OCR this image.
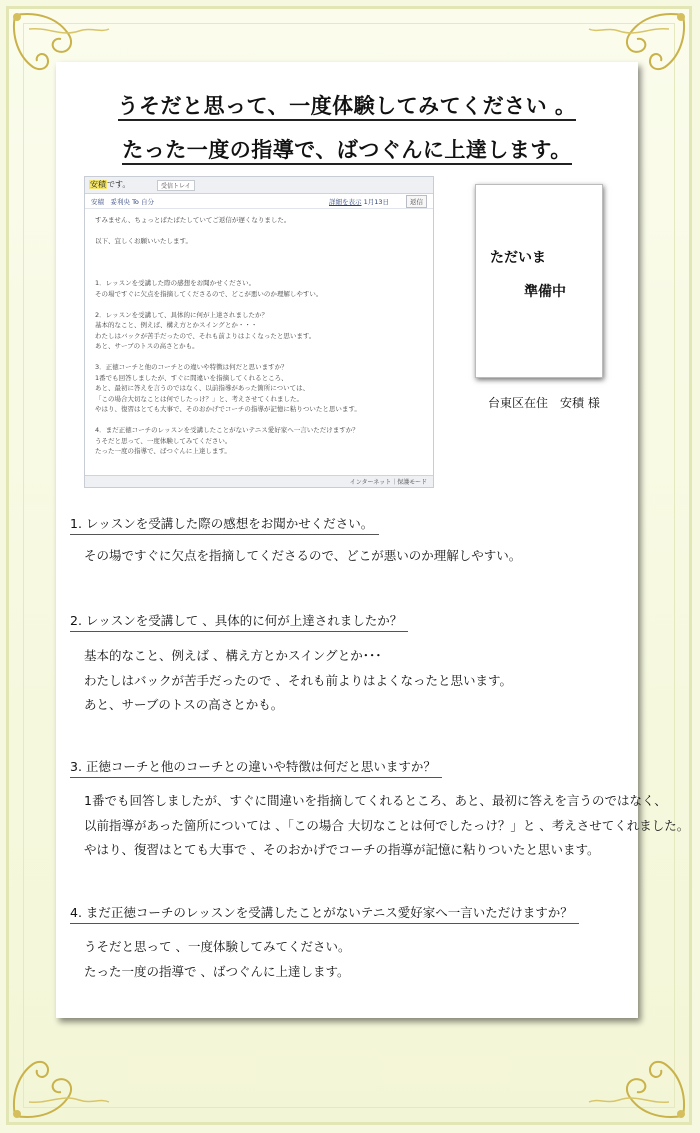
うそだと思って、一度体験してみてください 。
たった一度の指導で、ばつぐんに上達します。
安積です。	受信トレイ
安積　妥利央 To 自分	詳細を表示 1月13日	返信
すみません、ちょっとばたばたしていてご返信が遅くなりました。
以下、宜しくお願いいたします。
1．レッスンを受講した際の感想をお聞かせください。
その場ですぐに欠点を指摘してくださるので、どこが悪いのか理解しやすい。
2．レッスンを受講して、具体的に何が上達されましたか？
基本的なこと、例えば、構え方とかスイングとか・・・
わたしはバックが苦手だったので、それも前よりはよくなったと思います。
あと、サーブのトスの高さとかも。
3．正徳コーチと他のコーチとの違いや特徴は何だと思いますか？
1番でも回答しましたが、すぐに間違いを指摘してくれるところ、
あと、最初に答えを言うのではなく、以前指導があった箇所については、
「この場合大切なことは何でしたっけ？」と、考えさせてくれました。
やはり、復習はとても大事で、そのおかげでコーチの指導が記憶に粘りついたと思います。
4．まだ正徳コーチのレッスンを受講したことがないテニス愛好家へ一言いただけますか？
うそだと思って、一度体験してみてください。
たった一度の指導で、ばつぐんに上達します。
インターネット｜保護モード
ただいま
準備中
台東区在住　安積 様
1. レッスンを受講した際の感想をお聞かせください。
その場ですぐに欠点を指摘してくださるので、どこが悪いのか理解しやすい。
2. レッスンを受講して 、具体的に何が上達されましたか？
基本的なこと、例えば 、構え方とかスイングとか･･･
わたしはバックが苦手だったので 、それも前よりはよくなったと思います。
あと、サーブのトスの高さとかも。
3. 正徳コーチと他のコーチとの違いや特徴は何だと思いますか？
1番でも回答しましたが、すぐに間違いを指摘してくれるところ、あと、最初に答えを言うのではなく、
以前指導があった箇所については 、「この場合 大切なことは何でしたっけ？」と 、考えさせてくれました。
やはり、復習はとても大事で 、そのおかげでコーチの指導が記憶に粘りついたと思います。
4. まだ正徳コーチのレッスンを受講したことがないテニス愛好家へ一言いただけますか？
うそだと思って 、一度体験してみてください。
たった一度の指導で 、ばつぐんに上達します。
